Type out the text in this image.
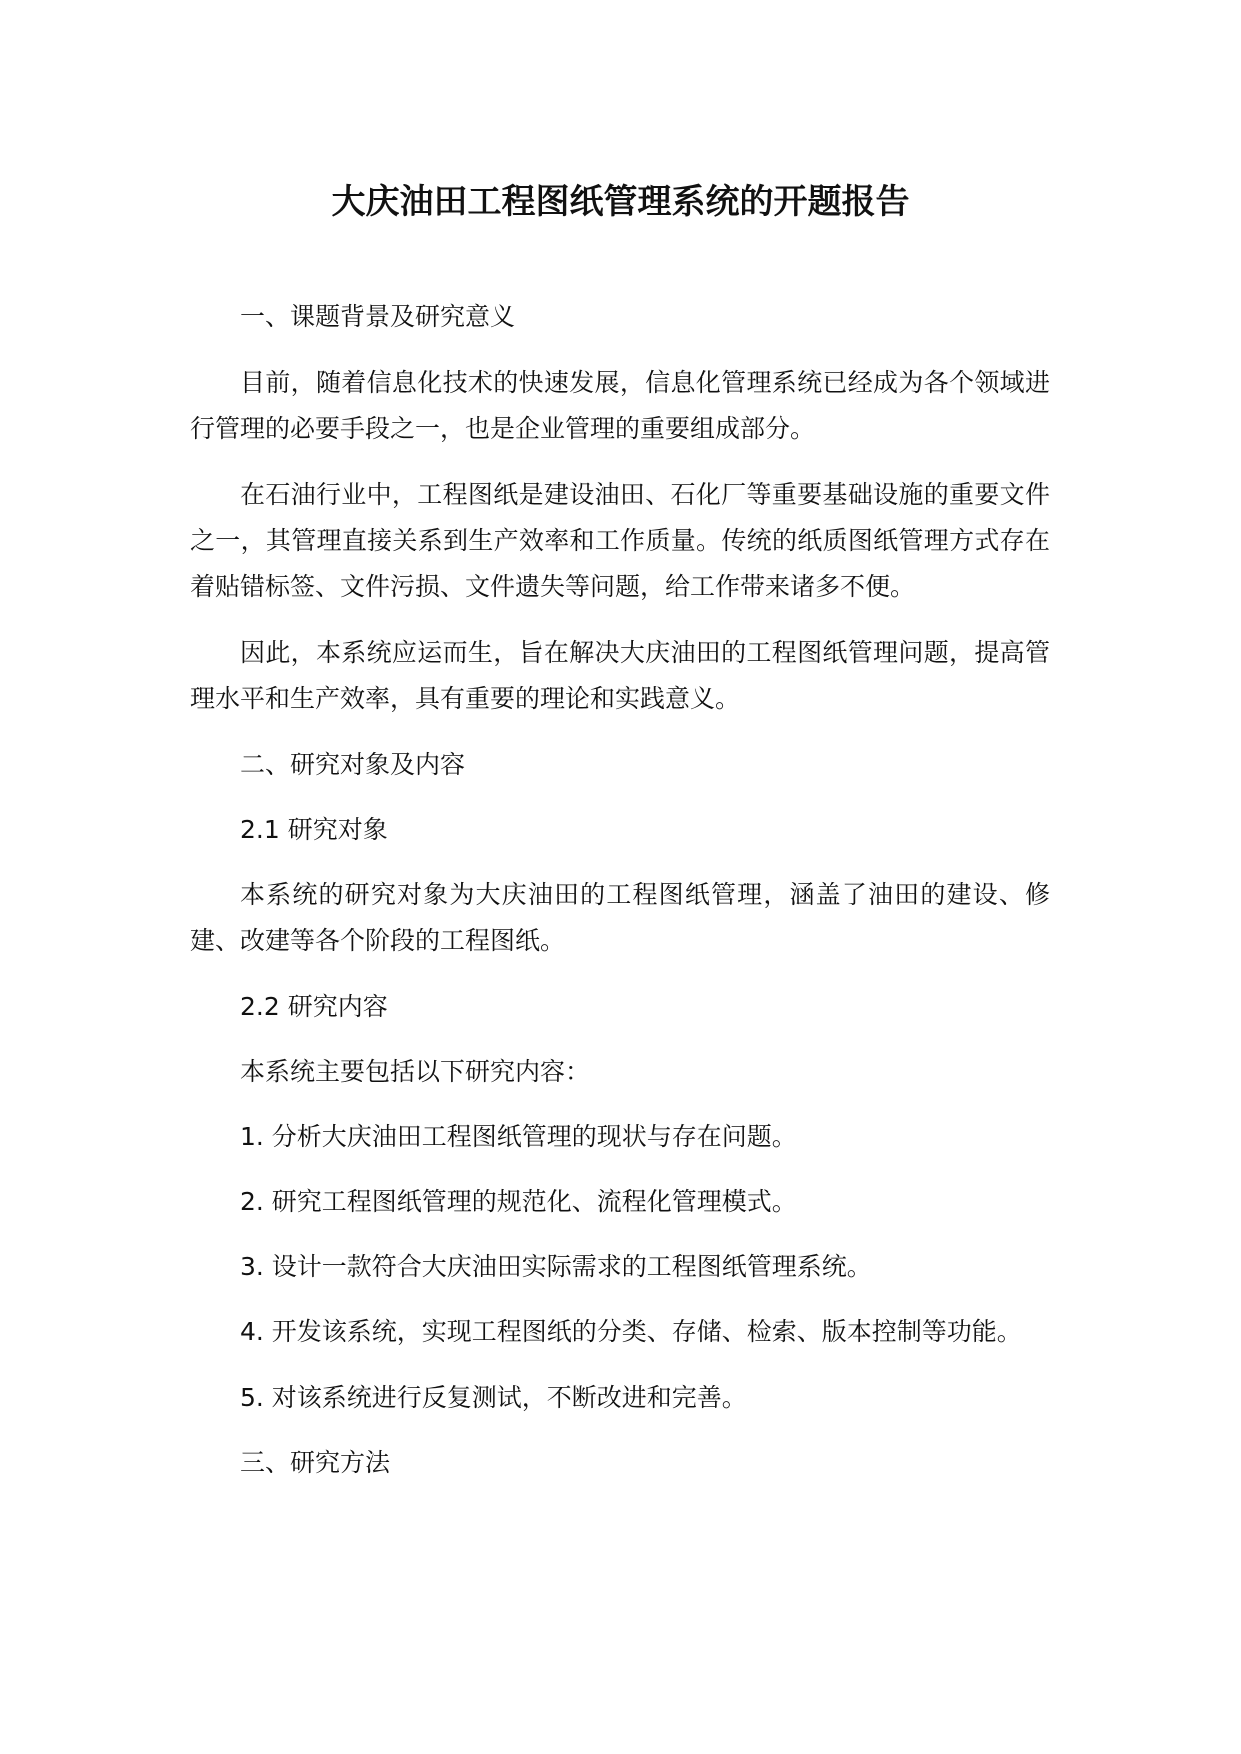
大庆油田工程图纸管理系统的开题报告

一、课题背景及研究意义

目前，随着信息化技术的快速发展，信息化管理系统已经成为各个领域进行管理的必要手段之一，也是企业管理的重要组成部分。

在石油行业中，工程图纸是建设油田、石化厂等重要基础设施的重要文件之一，其管理直接关系到生产效率和工作质量。传统的纸质图纸管理方式存在着贴错标签、文件污损、文件遗失等问题，给工作带来诸多不便。

因此，本系统应运而生，旨在解决大庆油田的工程图纸管理问题，提高管理水平和生产效率，具有重要的理论和实践意义。

二、研究对象及内容

2.1 研究对象

本系统的研究对象为大庆油田的工程图纸管理，涵盖了油田的建设、修建、改建等各个阶段的工程图纸。

2.2 研究内容

本系统主要包括以下研究内容：

1. 分析大庆油田工程图纸管理的现状与存在问题。

2. 研究工程图纸管理的规范化、流程化管理模式。

3. 设计一款符合大庆油田实际需求的工程图纸管理系统。

4. 开发该系统，实现工程图纸的分类、存储、检索、版本控制等功能。

5. 对该系统进行反复测试，不断改进和完善。

三、研究方法
